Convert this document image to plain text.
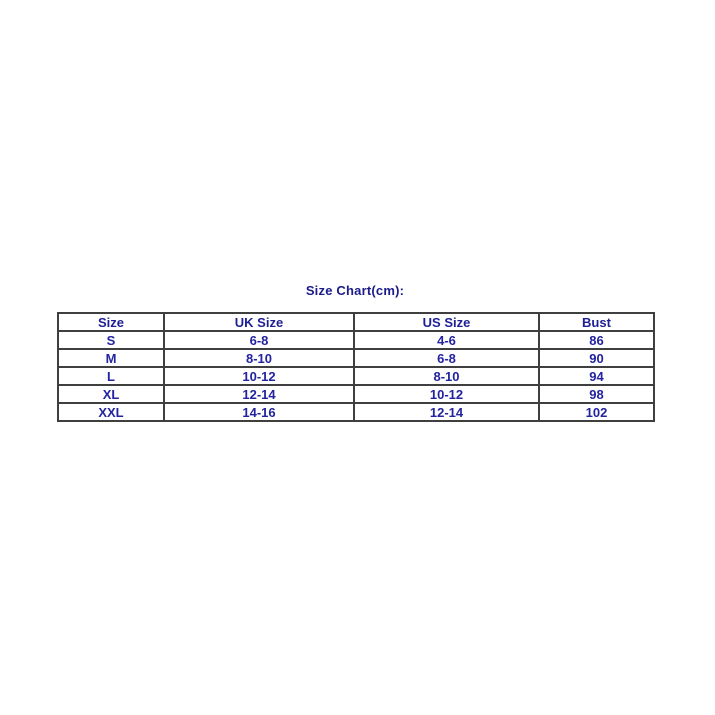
Size Chart(cm):
Size	UK Size	US Size	Bust
S	6-8	4-6	86
M	8-10	6-8	90
L	10-12	8-10	94
XL	12-14	10-12	98
XXL	14-16	12-14	102
